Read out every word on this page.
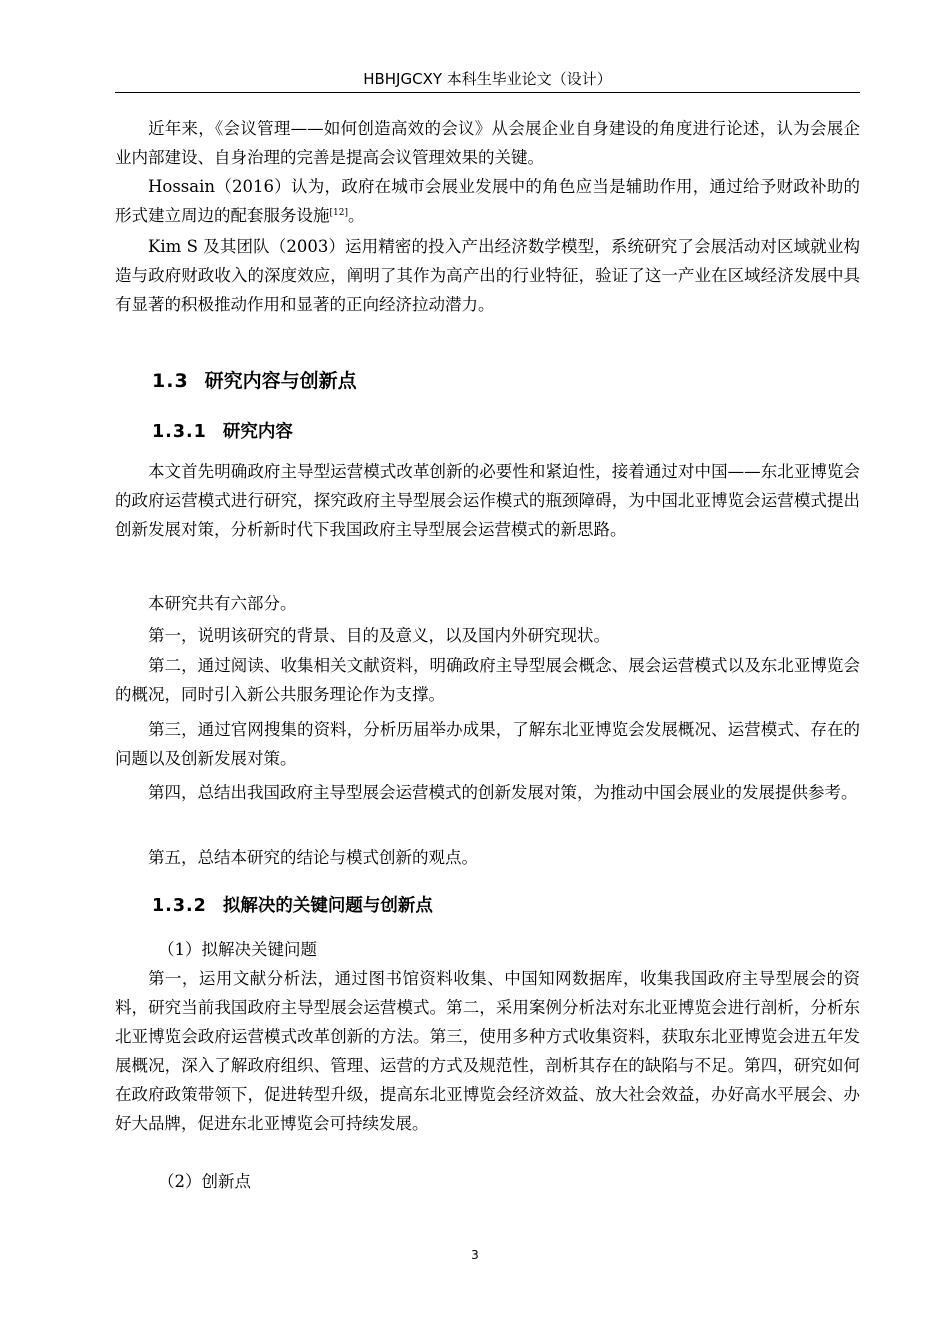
HBHJGCXY 本科生毕业论文（设计）

近年来，《会议管理——如何创造高效的会议》从会展企业自身建设的角度进行论述，认为会展企业内部建设、自身治理的完善是提高会议管理效果的关键。

Hossain（2016）认为，政府在城市会展业发展中的角色应当是辅助作用，通过给予财政补助的形式建立周边的配套服务设施[12]。

Kim S 及其团队（2003）运用精密的投入产出经济数学模型，系统研究了会展活动对区域就业构造与政府财政收入的深度效应，阐明了其作为高产出的行业特征，验证了这一产业在区域经济发展中具有显著的积极推动作用和显著的正向经济拉动潜力。

1.3 研究内容与创新点
1.3.1 研究内容

本文首先明确政府主导型运营模式改革创新的必要性和紧迫性，接着通过对中国——东北亚博览会的政府运营模式进行研究，探究政府主导型展会运作模式的瓶颈障碍，为中国北亚博览会运营模式提出创新发展对策，分析新时代下我国政府主导型展会运营模式的新思路。

本研究共有六部分。

第一，说明该研究的背景、目的及意义，以及国内外研究现状。

第二，通过阅读、收集相关文献资料，明确政府主导型展会概念、展会运营模式以及东北亚博览会的概况，同时引入新公共服务理论作为支撑。

第三，通过官网搜集的资料，分析历届举办成果，了解东北亚博览会发展概况、运营模式、存在的问题以及创新发展对策。

第四，总结出我国政府主导型展会运营模式的创新发展对策，为推动中国会展业的发展提供参考。

第五，总结本研究的结论与模式创新的观点。

1.3.2 拟解决的关键问题与创新点

（1）拟解决关键问题

第一，运用文献分析法，通过图书馆资料收集、中国知网数据库，收集我国政府主导型展会的资料，研究当前我国政府主导型展会运营模式。第二，采用案例分析法对东北亚博览会进行剖析，分析东北亚博览会政府运营模式改革创新的方法。第三，使用多种方式收集资料，获取东北亚博览会进五年发展概况，深入了解政府组织、管理、运营的方式及规范性，剖析其存在的缺陷与不足。第四，研究如何在政府政策带领下，促进转型升级，提高东北亚博览会经济效益、放大社会效益，办好高水平展会、办好大品牌，促进东北亚博览会可持续发展。

（2）创新点

3
